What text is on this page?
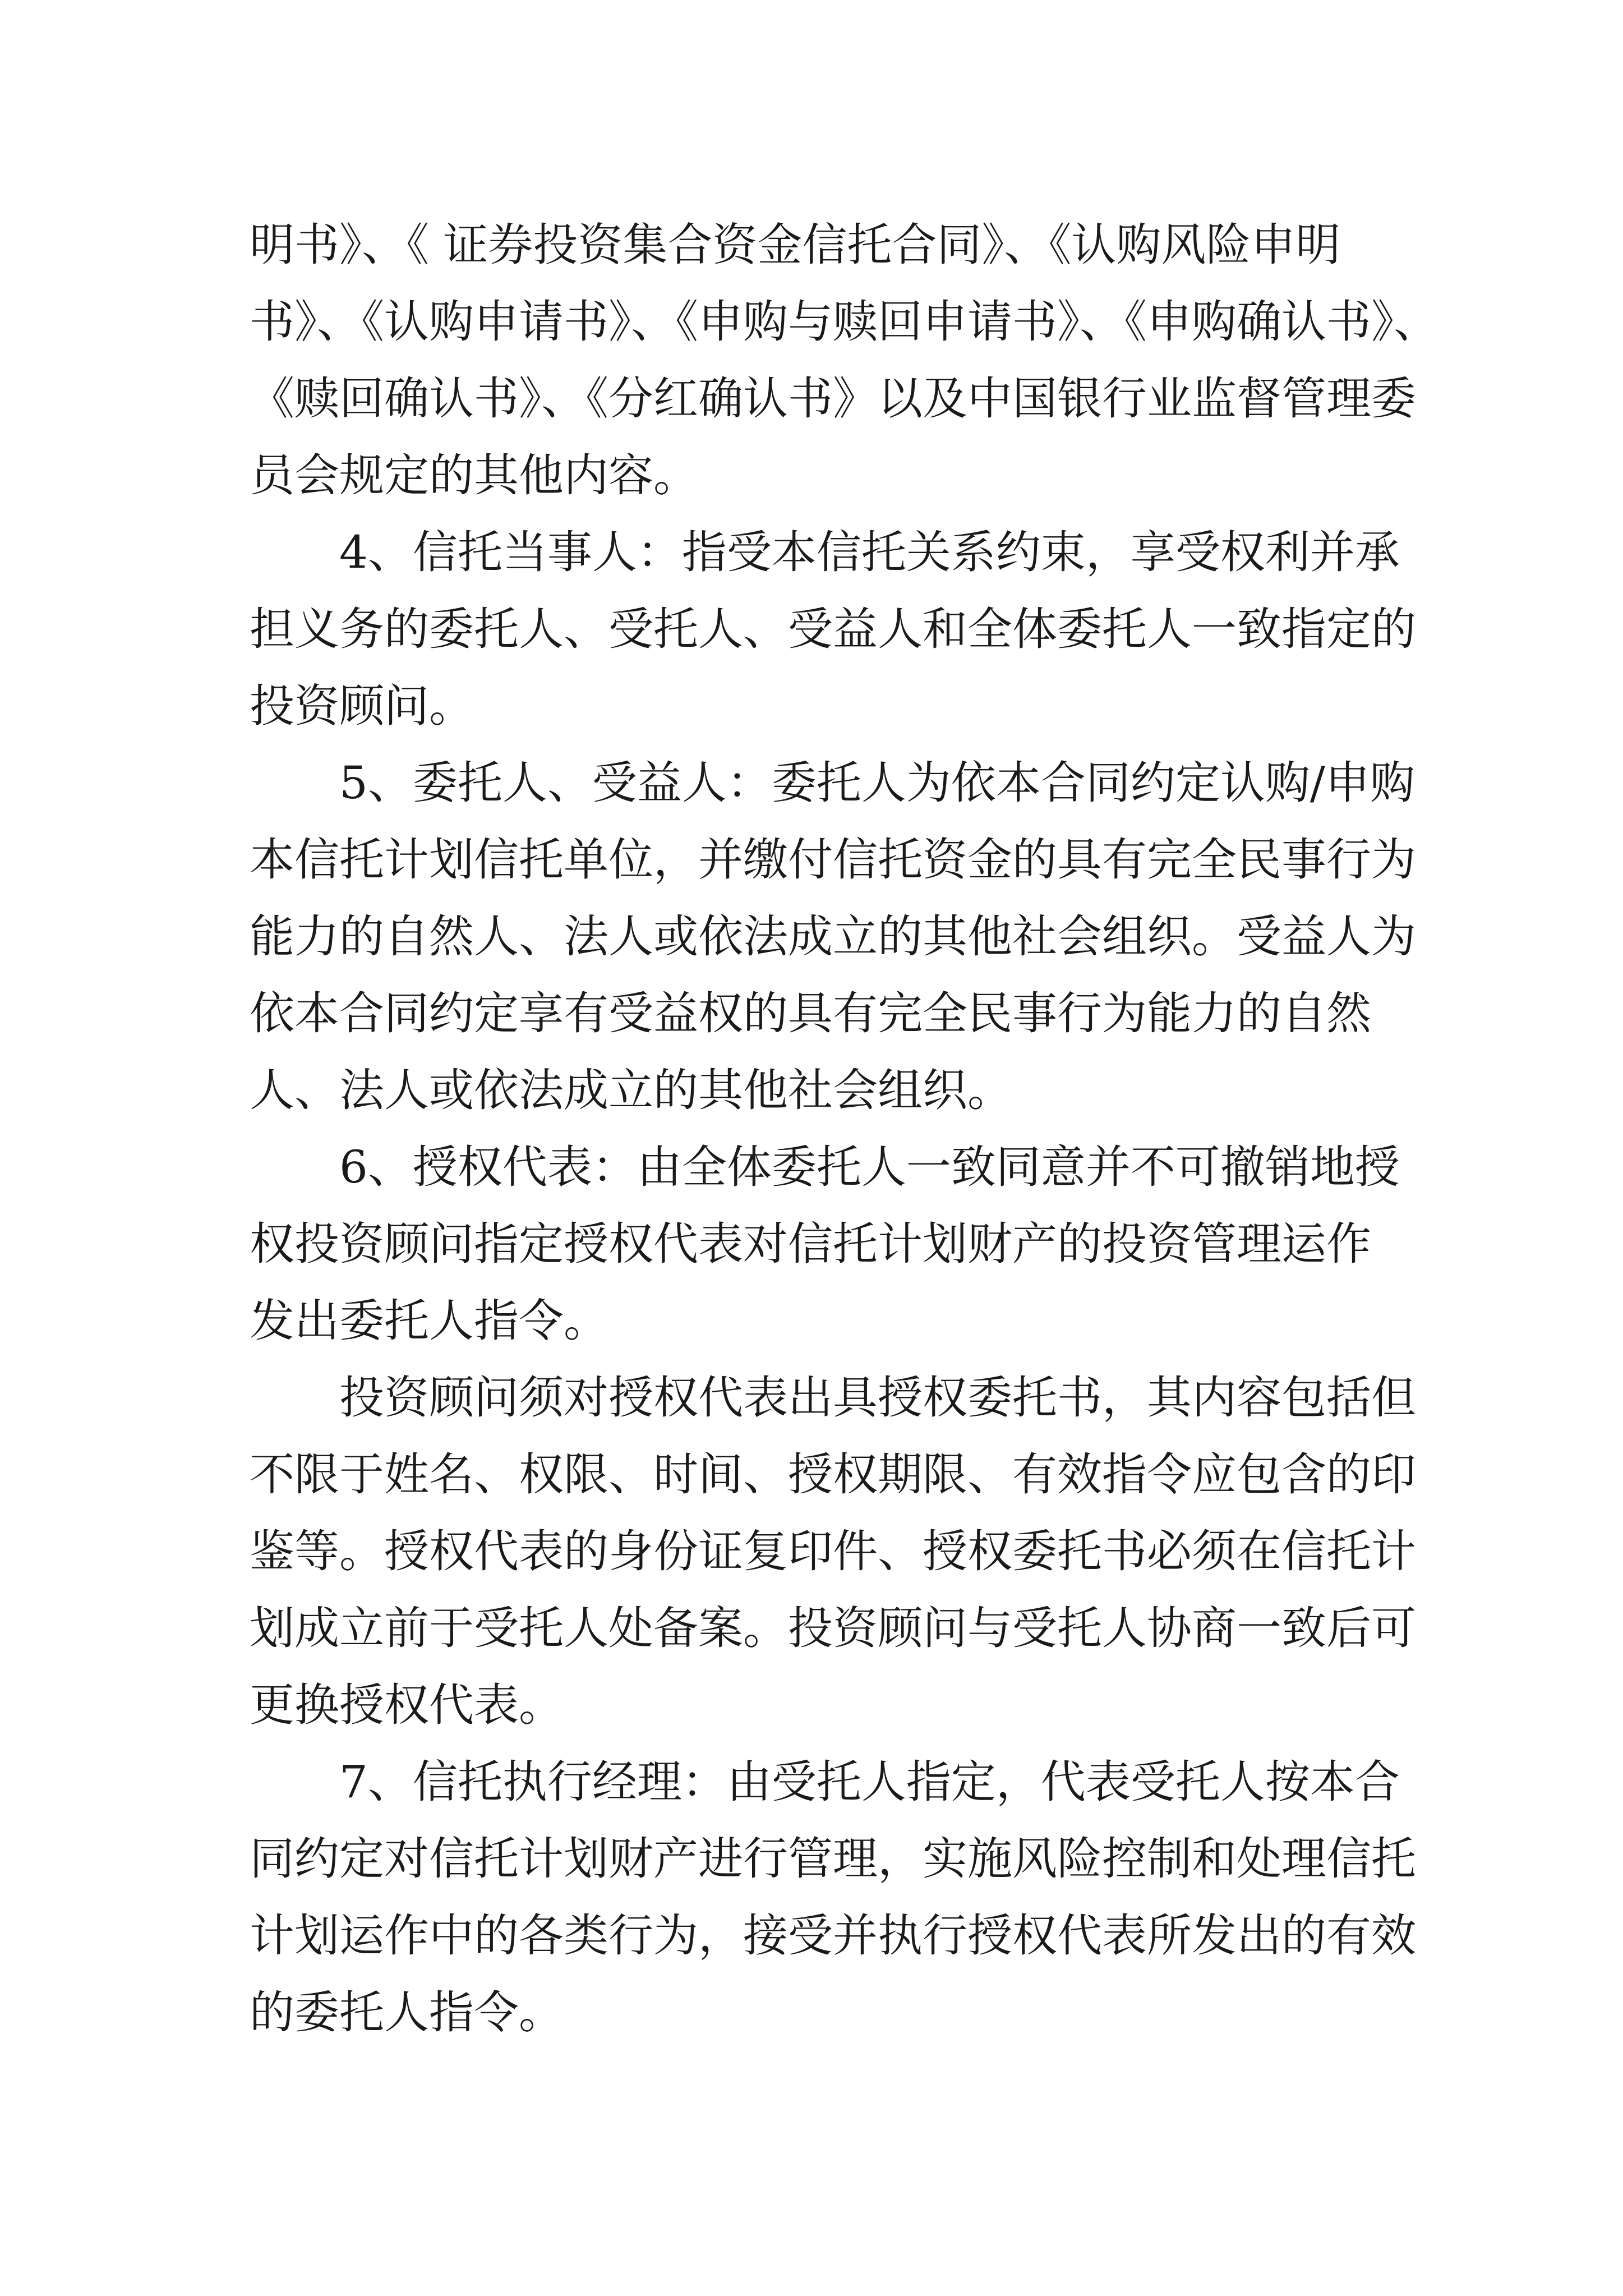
明书》、《 证券投资集合资金信托合同》、《认购风险申明
书》、《认购申请书》、《申购与赎回申请书》、《申购确认书》、
《赎回确认书》、《分红确认书》以及中国银行业监督管理委
员会规定的其他内容。
4、信托当事人：指受本信托关系约束，享受权利并承
担义务的委托人、受托人、受益人和全体委托人一致指定的
投资顾问。
5、委托人、受益人：委托人为依本合同约定认购/申购
本信托计划信托单位，并缴付信托资金的具有完全民事行为
能力的自然人、法人或依法成立的其他社会组织。受益人为
依本合同约定享有受益权的具有完全民事行为能力的自然
人、法人或依法成立的其他社会组织。
6、授权代表：由全体委托人一致同意并不可撤销地授
权投资顾问指定授权代表对信托计划财产的投资管理运作
发出委托人指令。
投资顾问须对授权代表出具授权委托书，其内容包括但
不限于姓名、权限、时间、授权期限、有效指令应包含的印
鉴等。授权代表的身份证复印件、授权委托书必须在信托计
划成立前于受托人处备案。投资顾问与受托人协商一致后可
更换授权代表。
7、信托执行经理：由受托人指定，代表受托人按本合
同约定对信托计划财产进行管理，实施风险控制和处理信托
计划运作中的各类行为，接受并执行授权代表所发出的有效
的委托人指令。
